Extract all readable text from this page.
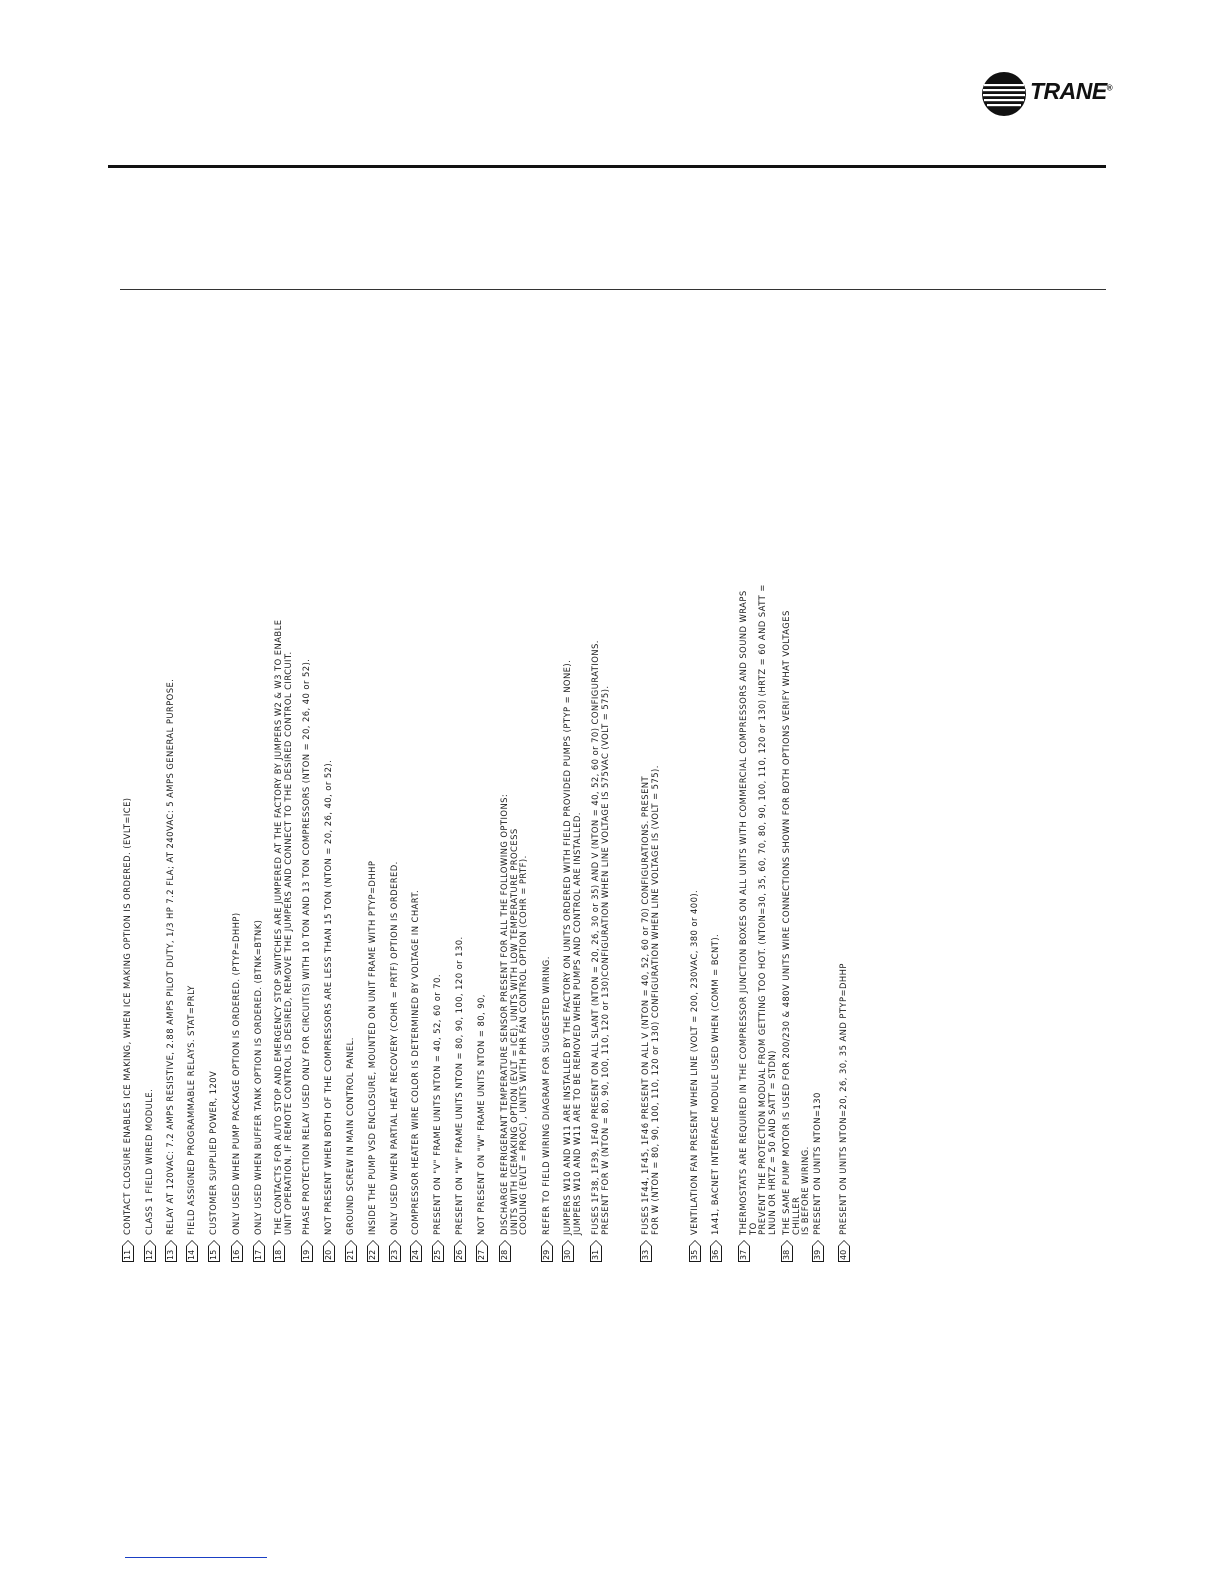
TRANE®
11
CONTACT CLOSURE ENABLES ICE MAKING, WHEN ICE MAKING OPTION IS ORDERED. (EVLT=ICE)
12
CLASS 1 FIELD WIRED MODULE.
13
RELAY AT 120VAC: 7.2 AMPS RESISTIVE, 2.88 AMPS PILOT DUTY, 1/3 HP 7.2 FLA; AT 240VAC: 5 AMPS GENERAL PURPOSE.
14
FIELD ASSIGNED PROGRAMMABLE RELAYS. STAT=PRLY
15
CUSTOMER SUPPLIED POWER, 120V
16
ONLY USED WHEN PUMP PACKAGE OPTION IS ORDERED. (PTYP=DHHP)
17
ONLY USED WHEN BUFFER TANK OPTION IS ORDERED. (BTNK=BTNK)
18
THE CONTACTS FOR AUTO STOP AND EMERGENCY STOP SWITCHES ARE JUMPERED AT THE FACTORY BY JUMPERS W2 & W3 TO ENABLE
UNIT OPERATION. IF REMOTE CONTROL IS DESIRED, REMOVE THE JUMPERS AND CONNECT TO THE DESIRED CONTROL CIRCUIT.
19
PHASE PROTECTION RELAY USED ONLY FOR CIRCUIT(S) WITH 10 TON AND 13 TON COMPRESSORS (NTON = 20, 26, 40 or 52).
20
NOT PRESENT WHEN BOTH OF THE COMPRESSORS ARE LESS THAN 15 TON (NTON = 20, 26, 40, or 52).
21
GROUND SCREW IN MAIN CONTROL PANEL.
22
INSIDE THE PUMP VSD ENCLOSURE, MOUNTED ON UNIT FRAME WITH PTYP=DHHP
23
ONLY USED WHEN PARTIAL HEAT RECOVERY (COHR = PRTF) OPTION IS ORDERED.
24
COMPRESSOR HEATER WIRE COLOR IS DETERMINED BY VOLTAGE IN CHART.
25
PRESENT ON "V" FRAME UNITS NTON = 40, 52, 60 or 70.
26
PRESENT ON "W" FRAME UNITS NTON = 80, 90, 100, 120 or 130.
27
NOT PRESENT ON "W" FRAME UNITS NTON = 80, 90,
28
DISCHARGE REFRIGERANT TEMPERATURE SENSOR PRESENT FOR ALL THE FOLLOWING OPTIONS:
UNITS WITH ICEMAKING OPTION (EVLT = ICE), UNITS WITH LOW TEMPERATURE PROCESS
COOLING (EVLT = PROC) , UNITS WITH PHR FAN CONTROL OPTION (COHR = PRTF).
29
REFER TO FIELD WIRING DIAGRAM FOR SUGGESTED WIRING.
30
JUMPERS W10 AND W11 ARE INSTALLED BY THE FACTORY ON UNITS ORDERED WITH FIELD PROVIDED PUMPS (PTYP = NONE).
JUMPERS W10 AND W11 ARE TO BE REMOVED WHEN PUMPS AND CONTROL ARE INSTALLED.
31
FUSES 1F38, 1F39, 1F40 PRESENT ON ALL SLANT (NTON = 20, 26, 30 or 35) AND V (NTON = 40, 52, 60 or 70) CONFIGURATIONS.
PRESENT FOR W (NTON = 80, 90, 100, 110, 120 or 130)CONFIGURATION WHEN LINE VOLTAGE IS 575VAC (VOLT = 575).
33
FUSES 1F44, 1F45, 1F46 PRESENT ON ALL V (NTON = 40, 52, 60 or 70) CONFIGURATIONS. PRESENT
FOR W (NTON = 80, 90, 100, 110, 120 or 130) CONFIGURATION WHEN LINE VOLTAGE IS (VOLT = 575).
35
VENTILATION FAN PRESENT WHEN LINE (VOLT = 200, 230VAC, 380 or 400).
36
1A41, BACNET INTERFACE MODULE USED WHEN (COMM = BCNT).
37
THERMOSTATS ARE REQUIRED IN THE COMPRESSOR JUNCTION BOXES ON ALL UNITS WITH COMMERCIAL COMPRESSORS AND SOUND WRAPS TO
PREVENT THE PROTECTION MODUAL FROM GETTING TOO HOT. (NTON=30, 35, 60, 70, 80, 90, 100, 110, 120 or 130) (HRTZ = 60 AND SATT =
LNUN OR HRTZ = 50 AND SATT = STDN)
38
THE SAME PUMP MOTOR IS USED FOR 200/230 & 480V UNITS WIRE CONNECTIONS SHOWN FOR BOTH OPTIONS VERIFY WHAT VOLTAGES CHILLER
IS BEFORE WIRING.
39
PRESENT ON UNITS NTON=130
40
PRESENT ON UNITS NTON=20, 26, 30, 35 AND PTYP=DHHP
